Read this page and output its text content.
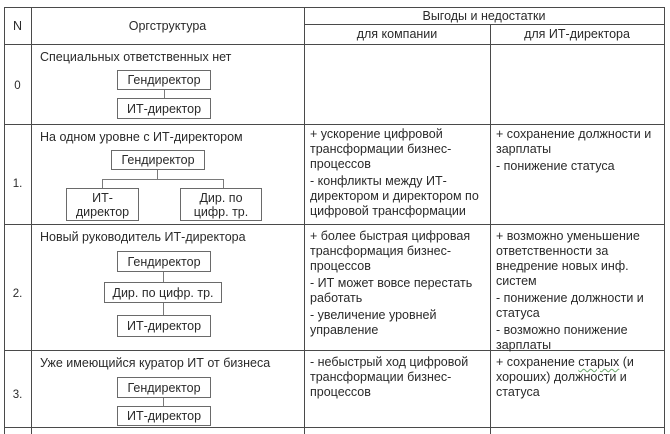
N	Оргструктура
Выгоды и недостатки
для компании	для ИТ-директора
0
Специальных ответственных нет
Гендиректор
ИТ-директор
1.
На одном уровне с ИТ-директором
Гендиректор
ИТ-
директор
Дир. по
цифр. тр.

+ ускорение цифровой трансформации бизнес-процессов

- конфликты между ИТ-директором и директором по цифровой трансформации

+ сохранение должности и зарплаты

- понижение статуса

2.
Новый руководитель ИТ-директора
Гендиректор
Дир. по цифр. тр.
ИТ-директор

+ более быстрая цифровая трансформация бизнес-процессов

- ИТ может вовсе перестать работать

- увеличение уровней управление

+ возможно уменьшение ответственности за внедрение новых инф. систем

- понижение должности и статуса

- возможно понижение зарплаты

3.
Уже имеющийся куратор ИТ от бизнеса
Гендиректор
ИТ-директор

- небыстрый ход цифровой трансформации бизнес-процессов

+ сохранение старых (и хороших) должности и статуса
